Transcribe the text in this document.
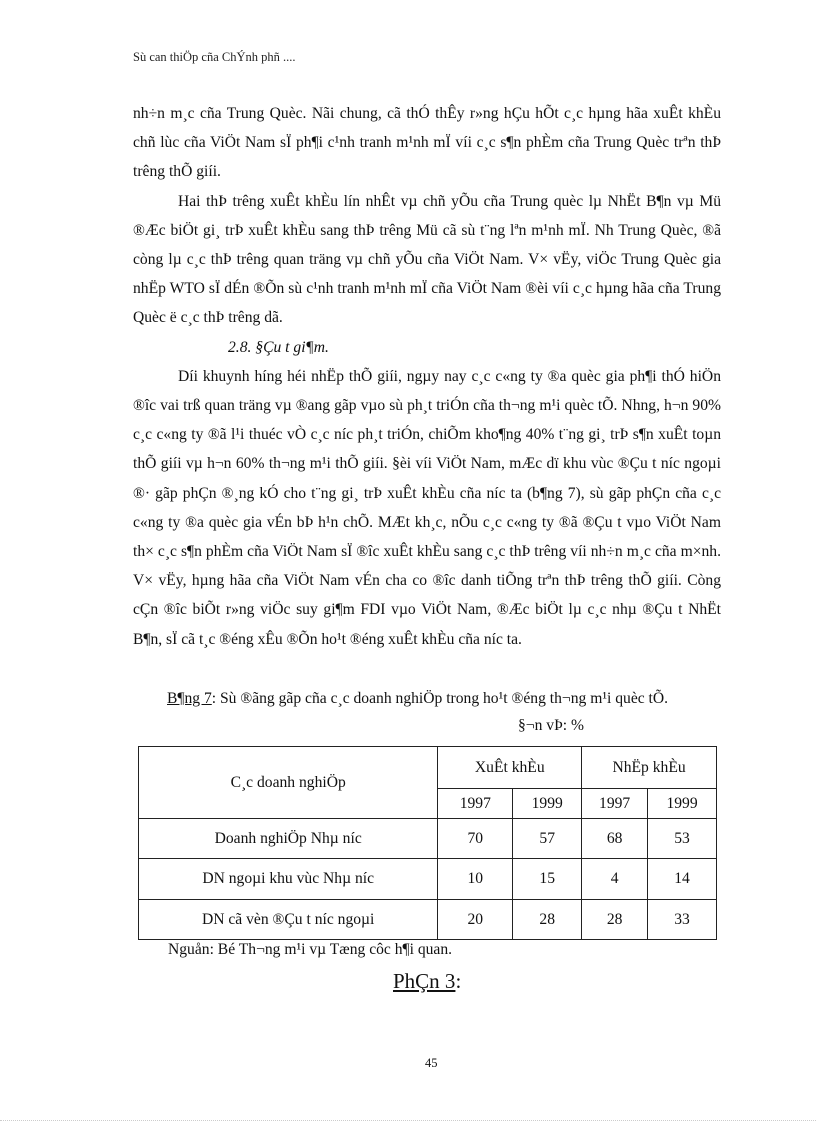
Sù can thiÖp cña ChÝnh phñ ....

nh÷n m¸c cña Trung Quèc. Nãi chung, cã thÓ thÊy r»ng hÇu hÕt c¸c hµng hãa xuÊt khÈu chñ lùc cña ViÖt Nam sÏ ph¶i c¹nh tranh m¹nh mÏ víi c¸c s¶n phÈm cña Trung Quèc trªn thÞ trêng thÕ giíi.

Hai thÞ trêng xuÊt khÈu lín nhÊt vµ chñ yÕu cña Trung quèc lµ NhËt B¶n vµ Mü ®Æc biÖt gi¸ trÞ xuÊt khÈu sang thÞ trêng Mü cã sù t¨ng lªn m¹nh mÏ. Nh Trung Quèc, ®ã còng lµ c¸c thÞ trêng quan träng vµ chñ yÕu cña ViÖt Nam. V× vËy, viÖc Trung Quèc gia nhËp WTO sÏ dÉn ®Õn sù c¹nh tranh m¹nh mÏ cña ViÖt Nam ®èi víi c¸c hµng hãa cña Trung Quèc ë c¸c thÞ trêng dã.

2.8. §Çu t gi¶m.

Díi khuynh híng héi nhËp thÕ giíi, ngµy nay c¸c c«ng ty ®a quèc gia ph¶i thÓ hiÖn ®îc vai trß quan träng vµ ®ang gãp vµo sù ph¸t triÓn cña th¬ng m¹i quèc tÕ. Nhng, h¬n 90% c¸c c«ng ty ®ã l¹i thuéc vÒ c¸c níc ph¸t triÓn, chiÕm kho¶ng 40% t¨ng gi¸ trÞ s¶n xuÊt toµn thÕ giíi vµ h¬n 60% th¬ng m¹i thÕ giíi. §èi víi ViÖt Nam, mÆc dï khu vùc ®Çu t níc ngoµi ®· gãp phÇn ®¸ng kÓ cho t¨ng gi¸ trÞ xuÊt khÈu cña níc ta (b¶ng 7), sù gãp phÇn cña c¸c c«ng ty ®a quèc gia vÉn bÞ h¹n chÕ. MÆt kh¸c, nÕu c¸c c«ng ty ®ã ®Çu t vµo ViÖt Nam th× c¸c s¶n phÈm cña ViÖt Nam sÏ ®îc xuÊt khÈu sang c¸c thÞ trêng víi nh÷n m¸c cña m×nh. V× vËy, hµng hãa cña ViÖt Nam vÉn cha co ®îc danh tiÕng trªn thÞ trêng thÕ giíi. Còng cÇn ®îc biÕt r»ng viÖc suy gi¶m FDI vµo ViÖt Nam, ®Æc biÖt lµ c¸c nhµ ®Çu t NhËt B¶n, sÏ cã t¸c ®éng xÊu ®Õn ho¹t ®éng xuÊt khÈu cña níc ta.

B¶ng 7: Sù ®ãng gãp cña c¸c doanh nghiÖp trong ho¹t ®éng th¬ng m¹i quèc tÕ.
§¬n vÞ: %
C¸c doanh nghiÖp	XuÊt khÈu		NhËp khÈu	
	1997	1999	1997	1999
Doanh nghiÖp Nhµ níc	70	57	68	53
DN ngoµi khu vùc Nhµ níc	10	15	4	14
DN cã vèn ®Çu t níc ngoµi	20	28	28	33
Nguån: Bé Th¬ng m¹i vµ Tæng côc h¶i quan.
PhÇn 3:
45
